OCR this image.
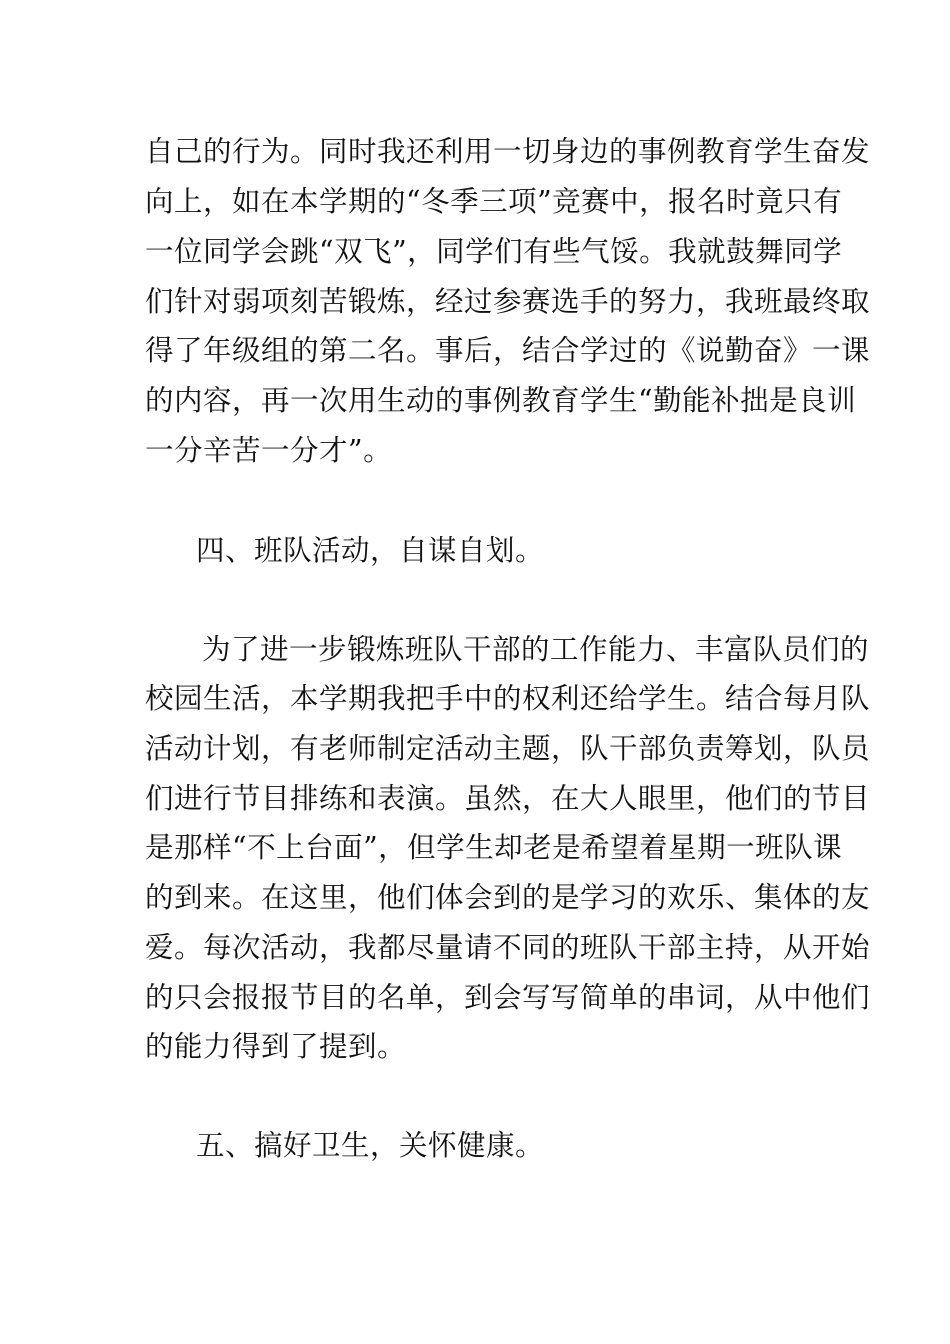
自己的行为。同时我还利用一切身边的事例教育学生奋发
向上，如在本学期的“冬季三项”竞赛中，报名时竟只有
一位同学会跳“双飞”，同学们有些气馁。我就鼓舞同学
们针对弱项刻苦锻炼，经过参赛选手的努力，我班最终取
得了年级组的第二名。事后，结合学过的《说勤奋》一课
的内容，再一次用生动的事例教育学生“勤能补拙是良训
一分辛苦一分才”。
四、班队活动，自谋自划。
为了进一步锻炼班队干部的工作能力、丰富队员们的
校园生活，本学期我把手中的权利还给学生。结合每月队
活动计划，有老师制定活动主题，队干部负责筹划，队员
们进行节目排练和表演。虽然，在大人眼里，他们的节目
是那样“不上台面”，但学生却老是希望着星期一班队课
的到来。在这里，他们体会到的是学习的欢乐、集体的友
爱。每次活动，我都尽量请不同的班队干部主持，从开始
的只会报报节目的名单，到会写写简单的串词，从中他们
的能力得到了提到。
五、搞好卫生，关怀健康。
